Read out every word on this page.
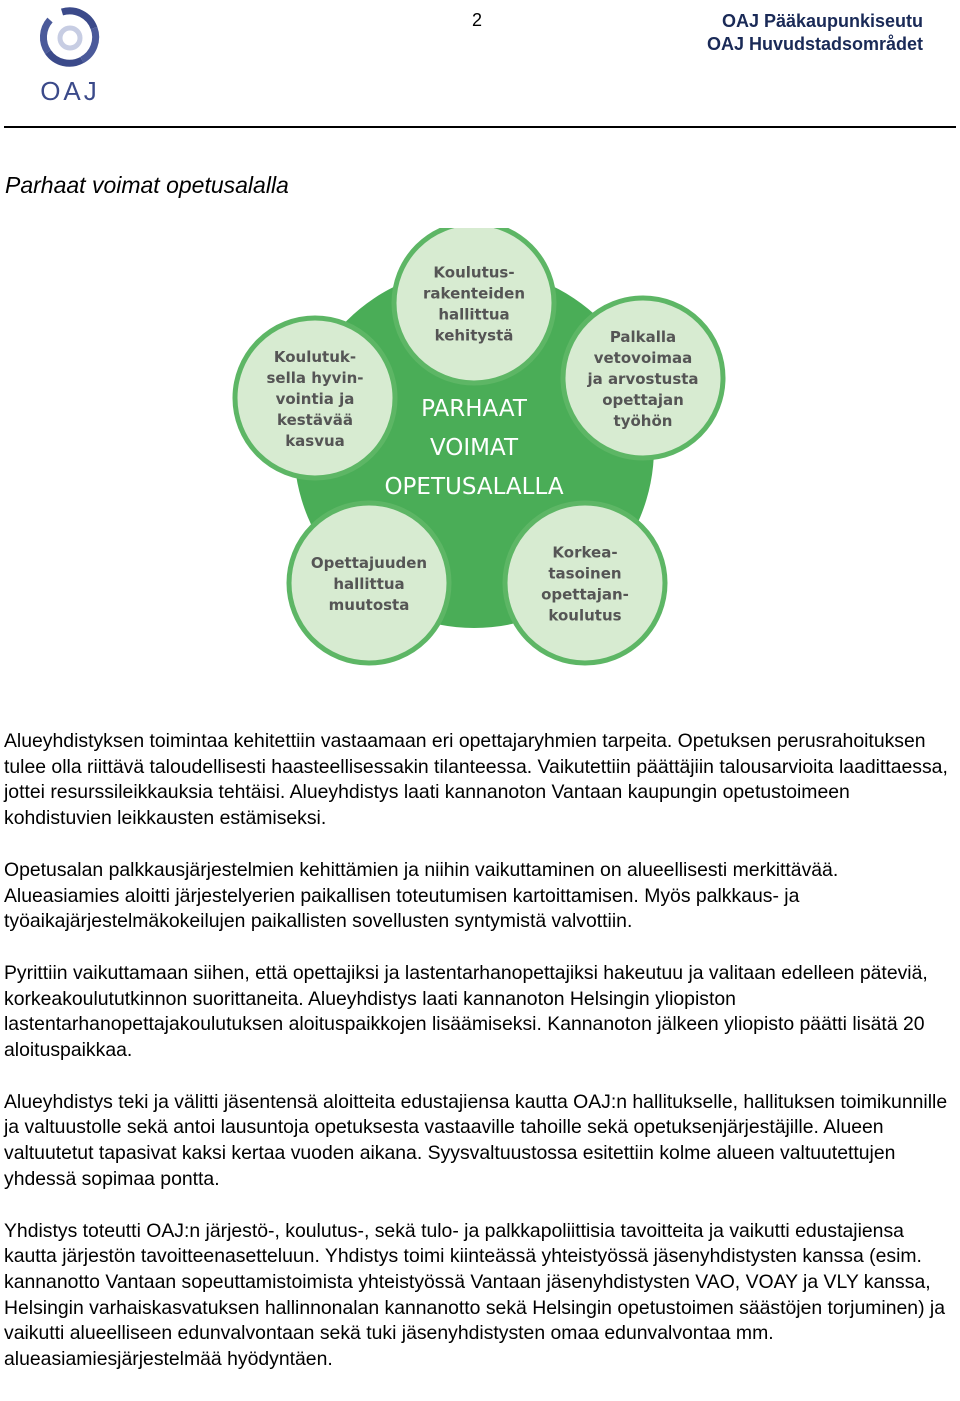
OAJ
2	OAJ Pääkaupunkiseutu
OAJ Huvudstadsområdet
Parhaat voimat opetusalalla
PARHAAT
VOIMAT
OPETUSALALLA
Koulutus-
rakenteiden
hallittua
kehitystä	Palkalla
vetovoimaa
ja arvostusta
opettajan
työhön
Korkea-
tasoinen
opettajan-
koulutus
Opettajuuden
hallittua
muutosta
Koulutuk-
sella hyvin-
vointia ja
kestävää
kasvua

Alueyhdistyksen toimintaa kehitettiin vastaamaan eri opettajaryhmien tarpeita. Opetuksen perusrahoituksen tulee olla riittävä taloudellisesti haasteellisessakin tilanteessa. Vaikutettiin päättäjiin talousarvioita laadittaessa, jottei resurssileikkauksia tehtäisi. Alueyhdistys laati kannanoton Vantaan kaupungin opetustoimeen kohdistuvien leikkausten estämiseksi.

Opetusalan palkkausjärjestelmien kehittämien ja niihin vaikuttaminen on alueellisesti merkittävää. Alueasiamies aloitti järjestelyerien paikallisen toteutumisen kartoittamisen. Myös palkkaus- ja työaikajärjestelmäkokeilujen paikallisten sovellusten syntymistä valvottiin.

Pyrittiin vaikuttamaan siihen, että opettajiksi ja lastentarhanopettajiksi hakeutuu ja valitaan edelleen päteviä, korkeakoulututkinnon suorittaneita. Alueyhdistys laati kannanoton Helsingin yliopiston lastentarhanopettajakoulutuksen aloituspaikkojen lisäämiseksi. Kannanoton jälkeen yliopisto päätti lisätä 20 aloituspaikkaa.

Alueyhdistys teki ja välitti jäsentensä aloitteita edustajiensa kautta OAJ:n hallitukselle, hallituksen toimikunnille ja valtuustolle sekä antoi lausuntoja opetuksesta vastaaville tahoille sekä opetuksenjärjestäjille. Alueen valtuutetut tapasivat kaksi kertaa vuoden aikana. Syysvaltuustossa esitettiin kolme alueen valtuutettujen yhdessä sopimaa pontta.

Yhdistys toteutti OAJ:n järjestö-, koulutus-, sekä tulo- ja palkkapoliittisia tavoitteita ja vaikutti edustajiensa kautta järjestön tavoitteenasetteluun. Yhdistys toimi kiinteässä yhteistyössä jäsenyhdistysten kanssa (esim. kannanotto Vantaan sopeuttamistoimista yhteistyössä Vantaan jäsenyhdistysten VAO, VOAY ja VLY kanssa, Helsingin varhaiskasvatuksen hallinnonalan kannanotto sekä Helsingin opetustoimen säästöjen torjuminen) ja vaikutti alueelliseen edunvalvontaan sekä tuki jäsenyhdistysten omaa edunvalvontaa mm. alueasiamiesjärjestelmää hyödyntäen.
